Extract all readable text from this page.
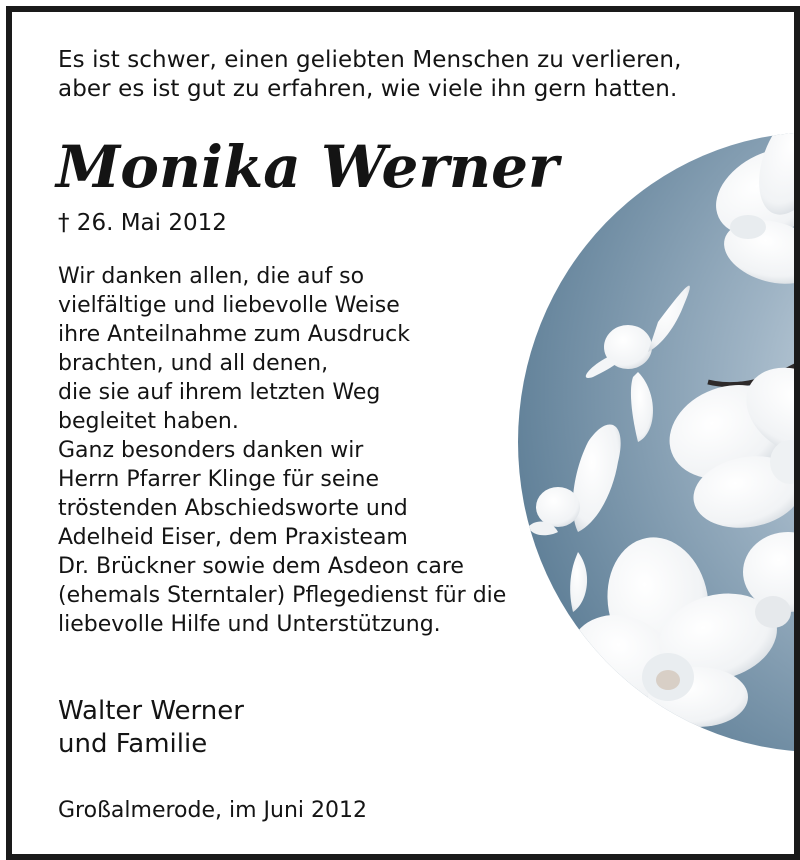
Es ist schwer, einen geliebten Menschen zu verlieren,
aber es ist gut zu erfahren, wie viele ihn gern hatten.

Monika Werner

† 26. Mai 2012

Wir danken allen, die auf so
vielfältige und liebevolle Weise
ihre Anteilnahme zum Ausdruck
brachten, und all denen,
die sie auf ihrem letzten Weg
begleitet haben.
Ganz besonders danken wir
Herrn Pfarrer Klinge für seine
tröstenden Abschiedsworte und
Adelheid Eiser, dem Praxisteam
Dr. Brückner sowie dem Asdeon care
(ehemals Sterntaler) Pflegedienst für die
liebevolle Hilfe und Unterstützung.

Walter Werner
und Familie

Großalmerode, im Juni 2012
